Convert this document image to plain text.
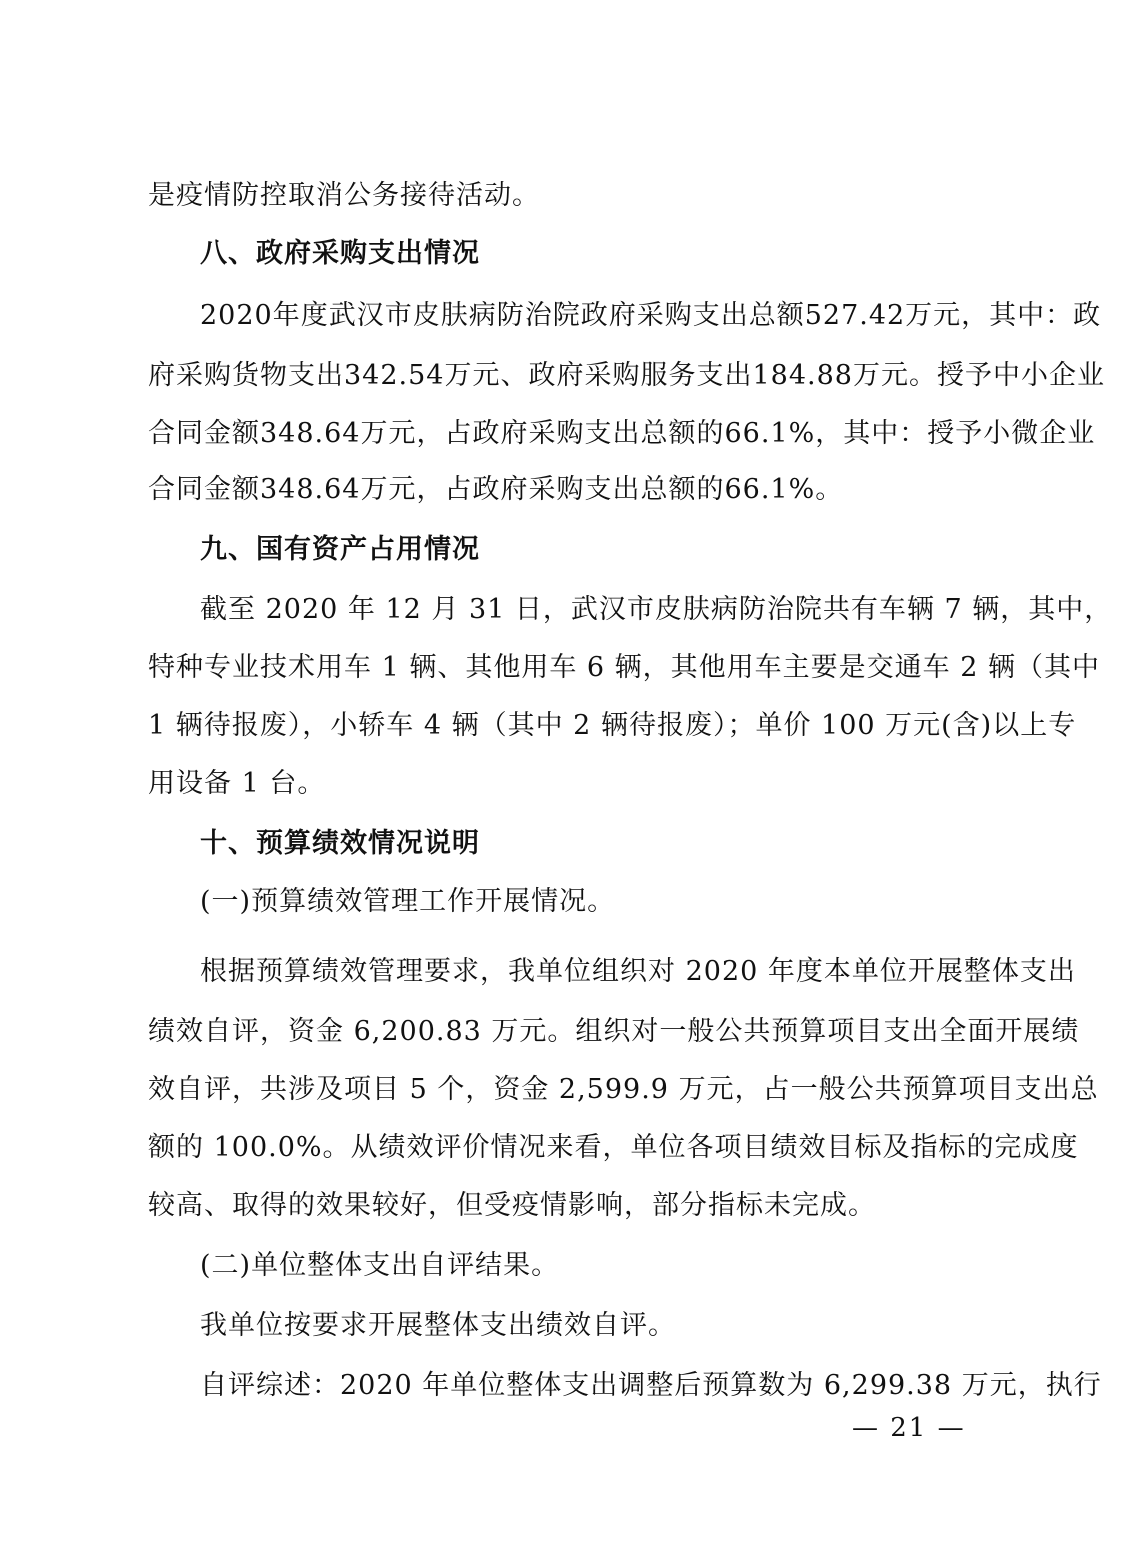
是疫情防控取消公务接待活动。
八、政府采购支出情况
2020年度武汉市皮肤病防治院政府采购支出总额527.42万元，其中：政
府采购货物支出342.54万元、政府采购服务支出184.88万元。授予中小企业
合同金额348.64万元，占政府采购支出总额的66.1%，其中：授予小微企业
合同金额348.64万元，占政府采购支出总额的66.1%。
九、国有资产占用情况
截至 2020 年 12 月 31 日，武汉市皮肤病防治院共有车辆 7 辆，其中，
特种专业技术用车 1 辆、其他用车 6 辆，其他用车主要是交通车 2 辆（其中
1 辆待报废），小轿车 4 辆（其中 2 辆待报废）；单价 100 万元(含)以上专
用设备 1 台。
十、预算绩效情况说明
(一)预算绩效管理工作开展情况。
根据预算绩效管理要求，我单位组织对 2020 年度本单位开展整体支出
绩效自评，资金 6,200.83 万元。组织对一般公共预算项目支出全面开展绩
效自评，共涉及项目 5 个，资金 2,599.9 万元，占一般公共预算项目支出总
额的 100.0%。从绩效评价情况来看，单位各项目绩效目标及指标的完成度
较高、取得的效果较好，但受疫情影响，部分指标未完成。
(二)单位整体支出自评结果。
我单位按要求开展整体支出绩效自评。
自评综述：2020 年单位整体支出调整后预算数为 6,299.38 万元，执行
— 21 —
